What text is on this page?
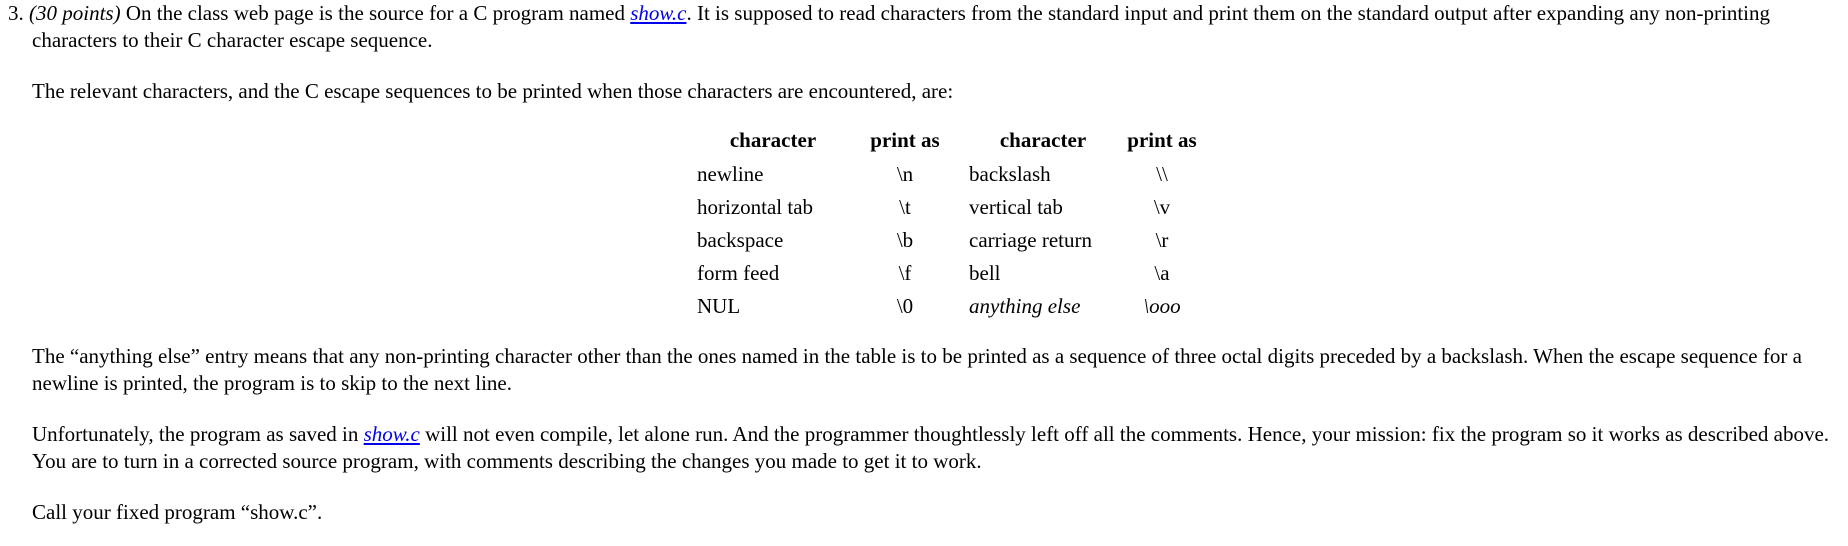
3. (30 points) On the class web page is the source for a C program named show.c. It is supposed to read characters from the standard input and print them on the standard output after expanding any non-printing characters to their C character escape sequence.

The relevant characters, and the C escape sequences to be printed when those characters are encountered, are:

character	print as	character	print as
newline	\n	backslash	\\
horizontal tab	\t	vertical tab	\v
backspace	\b	carriage return	\r
form feed	\f	bell	\a
NUL	\0	anything else	\ooo

The “anything else” entry means that any non-printing character other than the ones named in the table is to be printed as a sequence of three octal digits preceded by a backslash. When the escape sequence for a newline is printed, the program is to skip to the next line.

Unfortunately, the program as saved in show.c will not even compile, let alone run. And the programmer thoughtlessly left off all the comments. Hence, your mission: fix the program so it works as described above. You are to turn in a corrected source program, with comments describing the changes you made to get it to work.

Call your fixed program “show.c”.
